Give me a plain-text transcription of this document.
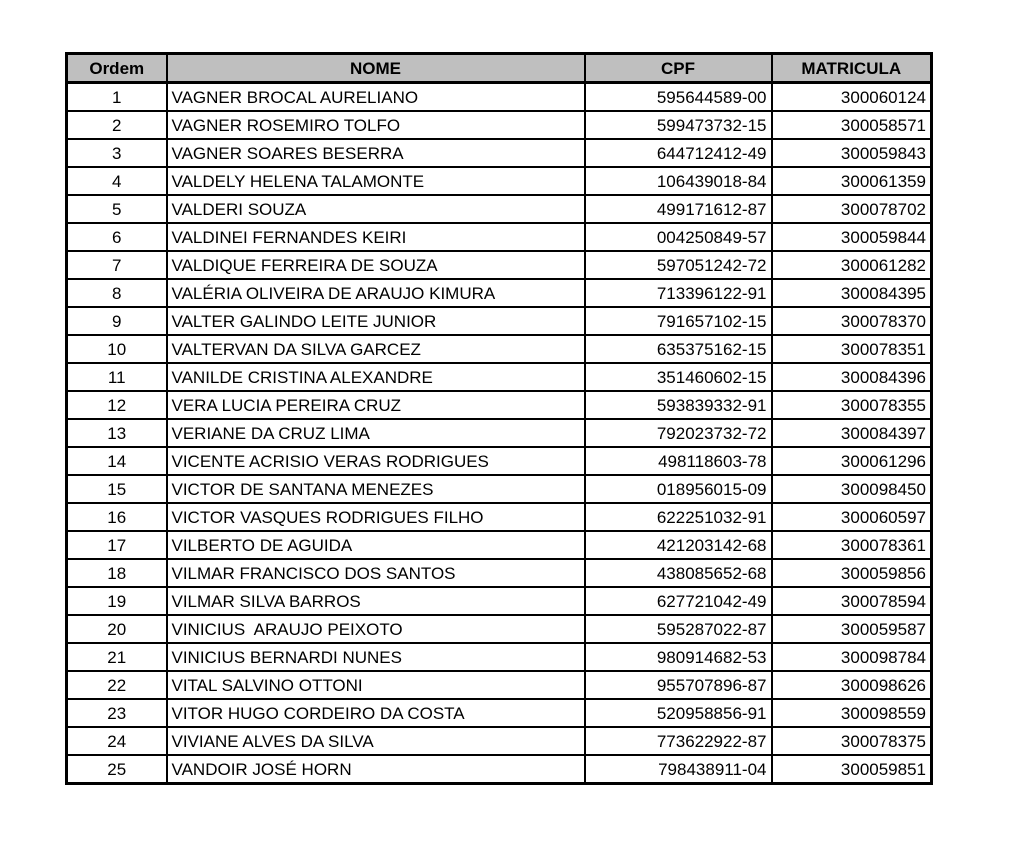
Ordem	NOME	CPF	MATRICULA
1	VAGNER BROCAL AURELIANO	595644589-00	300060124
2	VAGNER ROSEMIRO TOLFO	599473732-15	300058571
3	VAGNER SOARES BESERRA	644712412-49	300059843
4	VALDELY HELENA TALAMONTE	106439018-84	300061359
5	VALDERI SOUZA	499171612-87	300078702
6	VALDINEI FERNANDES KEIRI	004250849-57	300059844
7	VALDIQUE FERREIRA DE SOUZA	597051242-72	300061282
8	VALÉRIA OLIVEIRA DE ARAUJO KIMURA	713396122-91	300084395
9	VALTER GALINDO LEITE JUNIOR	791657102-15	300078370
10	VALTERVAN DA SILVA GARCEZ	635375162-15	300078351
11	VANILDE CRISTINA ALEXANDRE	351460602-15	300084396
12	VERA LUCIA PEREIRA CRUZ	593839332-91	300078355
13	VERIANE DA CRUZ LIMA	792023732-72	300084397
14	VICENTE ACRISIO VERAS RODRIGUES	498118603-78	300061296
15	VICTOR DE SANTANA MENEZES	018956015-09	300098450
16	VICTOR VASQUES RODRIGUES FILHO	622251032-91	300060597
17	VILBERTO DE AGUIDA	421203142-68	300078361
18	VILMAR FRANCISCO DOS SANTOS	438085652-68	300059856
19	VILMAR SILVA BARROS	627721042-49	300078594
20	VINICIUS  ARAUJO PEIXOTO	595287022-87	300059587
21	VINICIUS BERNARDI NUNES	980914682-53	300098784
22	VITAL SALVINO OTTONI	955707896-87	300098626
23	VITOR HUGO CORDEIRO DA COSTA	520958856-91	300098559
24	VIVIANE ALVES DA SILVA	773622922-87	300078375
25	VANDOIR JOSÉ HORN	798438911-04	300059851
